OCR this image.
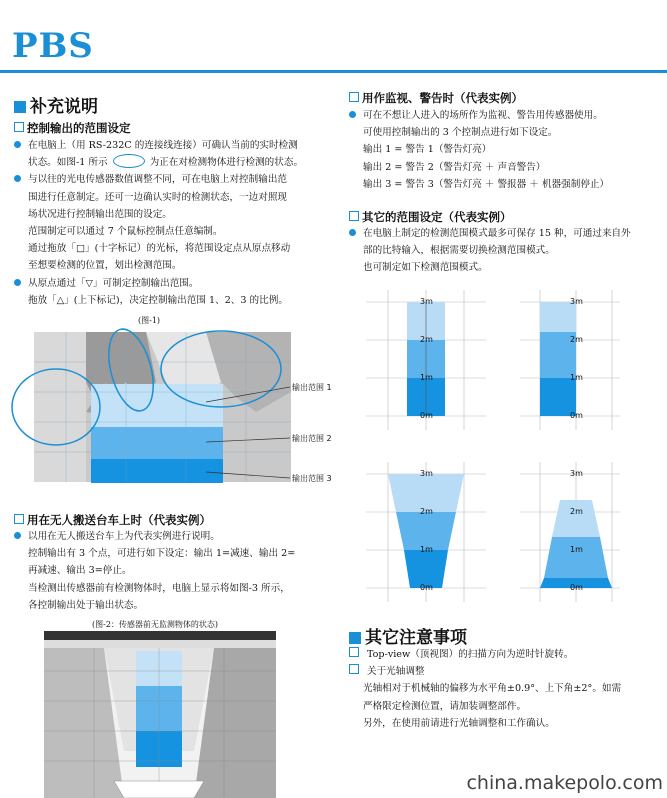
PBS
补充说明
控制输出的范围设定
在电脑上（用 RS-232C 的连接线连接）可确认当前的实时检测
状态。如图-1 所示	为正在对检测物体进行检测的状态。
与以往的光电传感器数值调整不同，可在电脑上对控制输出范
围进行任意制定。还可一边确认实时的检测状态，一边对照现
场状况进行控制输出范围的设定。
范围制定可以通过 7 个鼠标控制点任意编制。
通过拖放「□」(十字标记）的光标，将范围设定点从原点移动
至想要检测的位置，划出检测范围。
从原点通过「▽」可制定控制输出范围。
拖放「△」(上下标记)，决定控制输出范围 1、2、3 的比例。
(图-1)
输出范围 1
输出范围 2
输出范围 3
用在无人搬送台车上时（代表实例）
以用在无人搬送台车上为代表实例进行说明。
控制输出有 3 个点，可进行如下设定：输出 1=减速、输出 2=
再减速、输出 3=停止。
当检测出传感器前有检测物体时，电脑上显示将如图-3 所示，
各控制输出处于输出状态。
(图-2：传感器前无监测物体的状态)
用作监视、警告时（代表实例）
可在不想让人进入的场所作为监视、警告用传感器使用。
可使用控制输出的 3 个控制点进行如下设定。
输出 1 = 警告 1（警告灯亮）
输出 2 = 警告 2（警告灯亮 ＋ 声音警告）
输出 3 = 警告 3（警告灯亮 ＋ 警报器 ＋ 机器强制停止）
其它的范围设定（代表实例）
在电脑上制定的检测范围模式最多可保存 15 种，可通过来自外
部的比特输入，根据需要切换检测范围模式。
也可制定如下检测范围模式。
3m
2m
1m
0m
3m
2m
1m
0m
3m
2m
1m
0m
3m
2m
1m
0m
其它注意事项
Top-view（顶视图）的扫描方向为逆时针旋转。
关于光轴调整
光轴相对于机械轴的偏移为水平角±0.9°、上下角±2°。如需
严格限定检测位置，请加装调整部件。
另外，在使用前请进行光轴调整和工作确认。
china.makepolo.com
